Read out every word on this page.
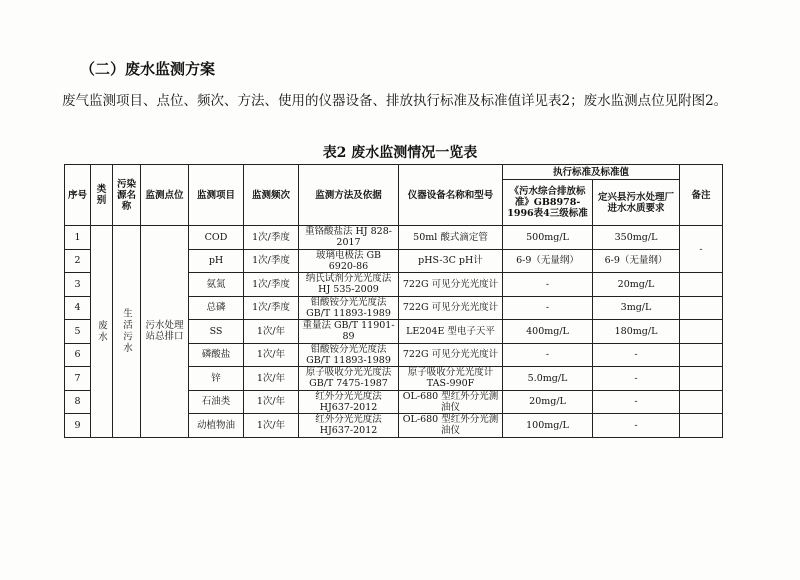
（二）废水监测方案

废气监测项目、点位、频次、方法、使用的仪器设备、排放执行标准及标准值详见表2；废水监测点位见附图2。

表2 废水监测情况一览表

序号	类别	污染源名称	监测点位	监测项目	监测频次	监测方法及依据	仪器设备名称和型号	执行标准及标准值		备注
								《污水综合排放标准》GB8978-1996表4三级标准	定兴县污水处理厂进水水质要求	
1	废水	生活污水	污水处理站总排口	COD	1次/季度	重铬酸盐法 HJ 828-2017	50ml 酸式滴定管	500mg/L	350mg/L	-
2				pH	1次/季度	玻璃电极法 GB 6920-86	pHS-3C pH计	6-9（无量纲）	6-9（无量纲）	
3				氨氮	1次/季度	纳氏试剂分光光度法 HJ 535-2009	722G 可见分光光度计	-	20mg/L	
4				总磷	1次/季度	钼酸铵分光光度法 GB/T 11893-1989	722G 可见分光光度计	-	3mg/L	
5				SS	1次/年	重量法 GB/T 11901-89	LE204E 型电子天平	400mg/L	180mg/L	
6				磷酸盐	1次/年	钼酸铵分光光度法 GB/T 11893-1989	722G 可见分光光度计	-	-	
7				锌	1次/年	原子吸收分光光度法 GB/T 7475-1987	原子吸收分光光度计 TAS-990F	5.0mg/L	-	
8				石油类	1次/年	红外分光光度法 HJ637-2012	OL-680 型红外分光测油仪	20mg/L	-	
9				动植物油	1次/年	红外分光光度法 HJ637-2012	OL-680 型红外分光测油仪	100mg/L	-	
